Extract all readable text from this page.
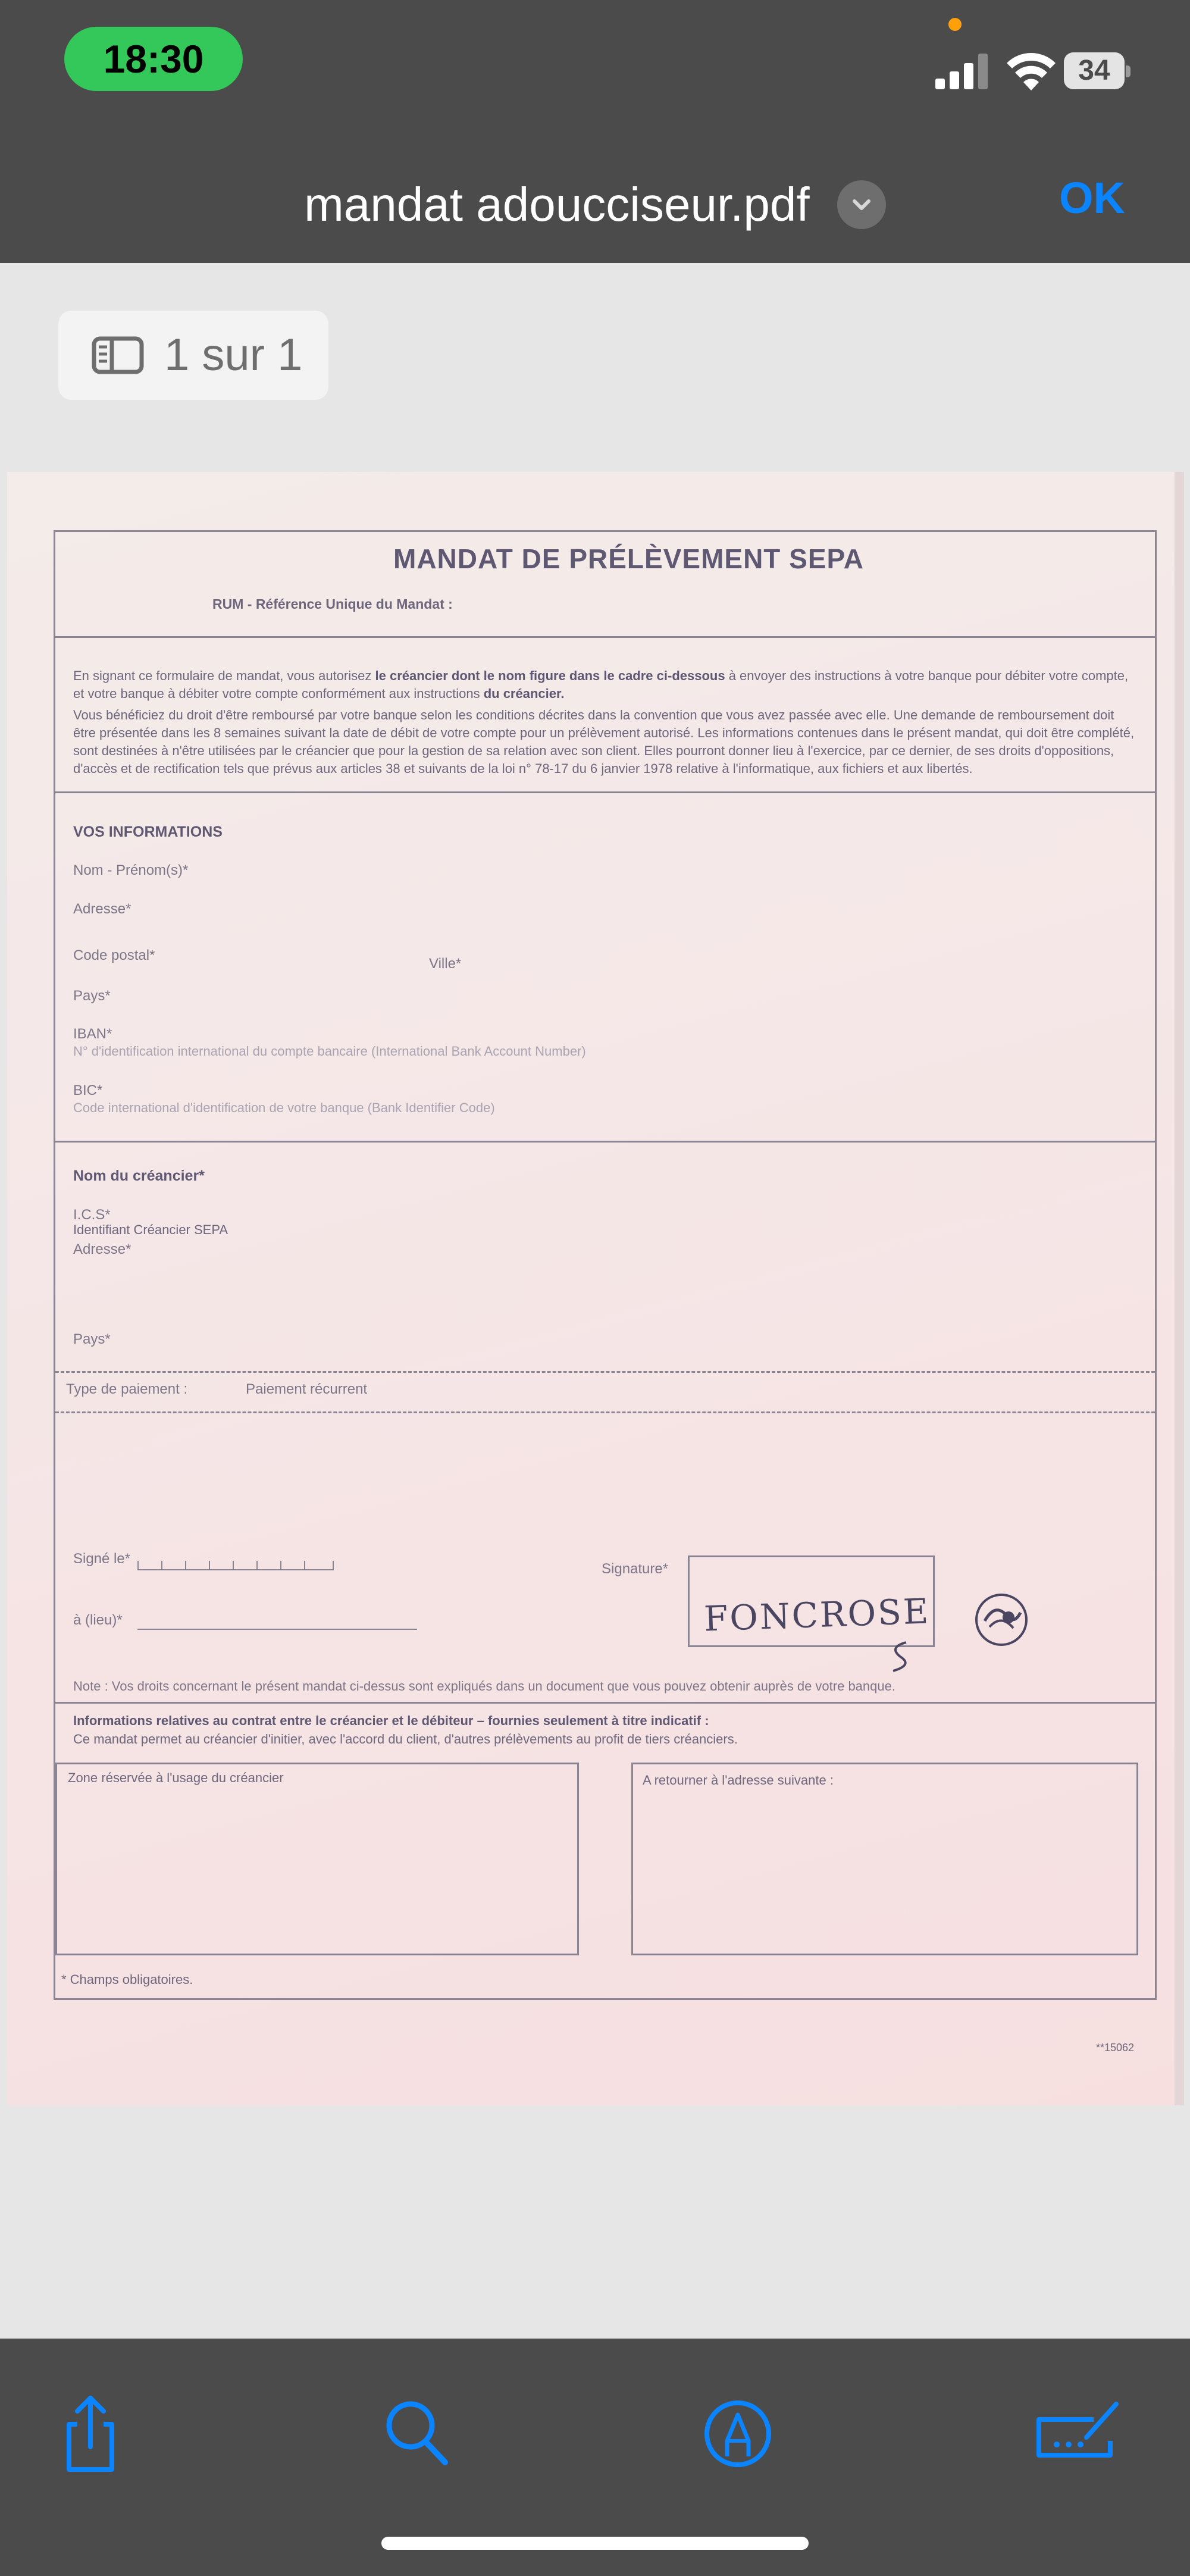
18:30	34
mandat adoucciseur.pdf	OK
1 sur 1
MANDAT DE PRÉLÈVEMENT SEPA
RUM - Référence Unique du Mandat :
En signant ce formulaire de mandat, vous autorisez le créancier dont le nom figure dans le cadre ci-dessous à envoyer des instructions à votre banque pour débiter votre compte, et votre banque à débiter votre compte conformément aux instructions du créancier.
Vous bénéficiez du droit d'être remboursé par votre banque selon les conditions décrites dans la convention que vous avez passée avec elle. Une demande de remboursement doit être présentée dans les 8 semaines suivant la date de débit de votre compte pour un prélèvement autorisé. Les informations contenues dans le présent mandat, qui doit être complété, sont destinées à n'être utilisées par le créancier que pour la gestion de sa relation avec son client. Elles pourront donner lieu à l'exercice, par ce dernier, de ses droits d'oppositions, d'accès et de rectification tels que prévus aux articles 38 et suivants de la loi n° 78-17 du 6 janvier 1978 relative à l'informatique, aux fichiers et aux libertés.
VOS INFORMATIONS
Nom - Prénom(s)*
Adresse*
Code postal*
Ville*
Pays*
IBAN*
N° d'identification international du compte bancaire (International Bank Account Number)
BIC*
Code international d'identification de votre banque (Bank Identifier Code)
Nom du créancier*
I.C.S*
Identifiant Créancier SEPA
Adresse*
Pays*
Type de paiement :	Paiement récurrent
Signé le*
à (lieu)*
Signature*
FONCROSE
Note : Vos droits concernant le présent mandat ci-dessus sont expliqués dans un document que vous pouvez obtenir auprès de votre banque.
Informations relatives au contrat entre le créancier et le débiteur – fournies seulement à titre indicatif :
Ce mandat permet au créancier d'initier, avec l'accord du client, d'autres prélèvements au profit de tiers créanciers.
Zone réservée à l'usage du créancier	A retourner à l'adresse suivante :
* Champs obligatoires.
**15062
